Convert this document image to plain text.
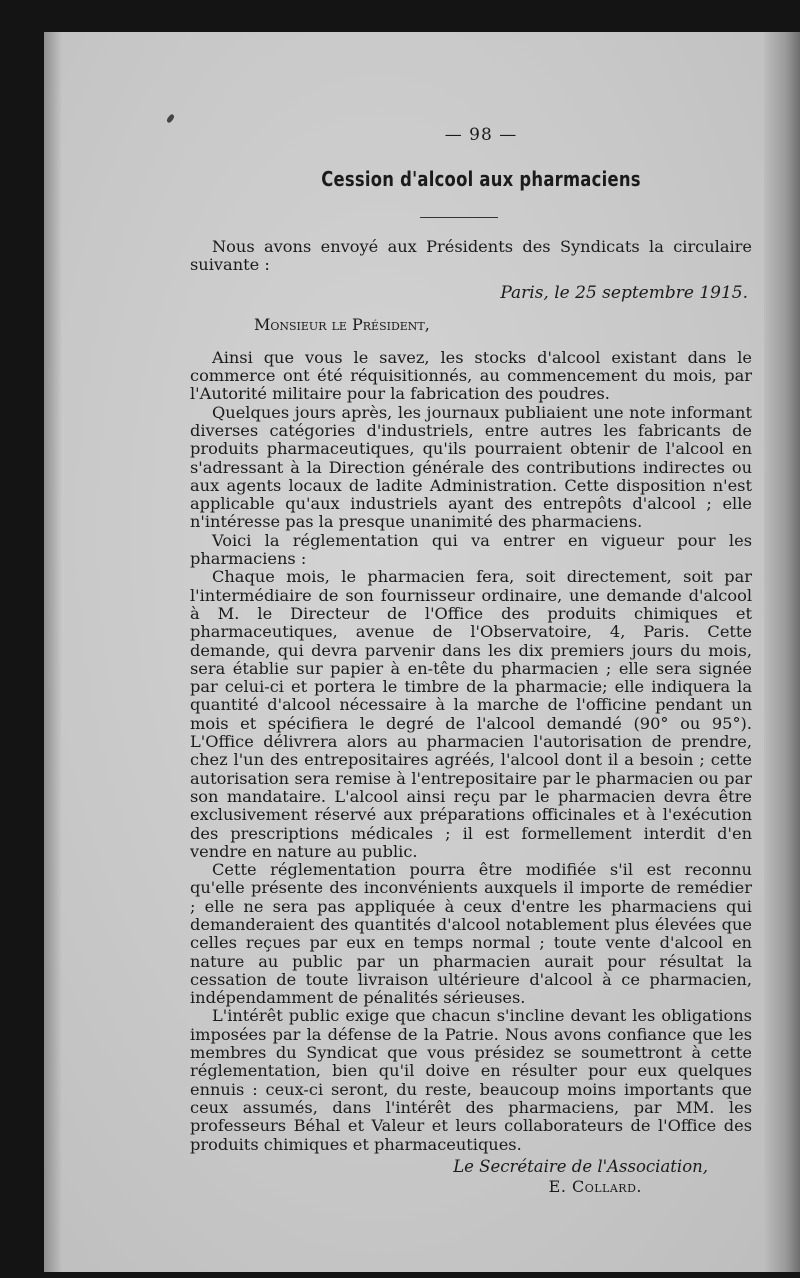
— 98 —
Cession d'alcool aux pharmaciens

Nous avons envoyé aux Présidents des Syndicats la circulaire suivante :

Paris, le 25 septembre 1915.
Monsieur le Président,

Ainsi que vous le savez, les stocks d'alcool existant dans le commerce ont été réquisitionnés, au commencement du mois, par l'Autorité militaire pour la fabrication des poudres.

Quelques jours après, les journaux publiaient une note informant diverses catégories d'industriels, entre autres les fabricants de produits pharmaceutiques, qu'ils pourraient obtenir de l'alcool en s'adressant à la Direction générale des contributions indirectes ou aux agents locaux de ladite Administration. Cette disposition n'est applicable qu'aux industriels ayant des entrepôts d'alcool ; elle n'intéresse pas la presque unanimité des pharmaciens.

Voici la réglementation qui va entrer en vigueur pour les pharmaciens :

Chaque mois, le pharmacien fera, soit directement, soit par l'intermédiaire de son fournisseur ordinaire, une demande d'alcool à M. le Directeur de l'Office des produits chimiques et pharmaceutiques, avenue de l'Observatoire, 4, Paris. Cette demande, qui devra parvenir dans les dix premiers jours du mois, sera établie sur papier à en-tête du pharmacien ; elle sera signée par celui-ci et portera le timbre de la pharmacie; elle indiquera la quantité d'alcool nécessaire à la marche de l'officine pendant un mois et spécifiera le degré de l'alcool demandé (90° ou 95°). L'Office délivrera alors au pharmacien l'autorisation de prendre, chez l'un des entrepositaires agréés, l'alcool dont il a besoin ; cette autorisation sera remise à l'entrepositaire par le pharmacien ou par son mandataire. L'alcool ainsi reçu par le pharmacien devra être exclusivement réservé aux préparations officinales et à l'exécution des prescriptions médicales ; il est formellement interdit d'en vendre en nature au public.

Cette réglementation pourra être modifiée s'il est reconnu qu'elle présente des inconvénients auxquels il importe de remédier ; elle ne sera pas appliquée à ceux d'entre les pharmaciens qui demanderaient des quantités d'alcool notablement plus élevées que celles reçues par eux en temps normal ; toute vente d'alcool en nature au public par un pharmacien aurait pour résultat la cessation de toute livraison ultérieure d'alcool à ce pharmacien, indépendamment de pénalités sérieuses.

L'intérêt public exige que chacun s'incline devant les obligations imposées par la défense de la Patrie. Nous avons confiance que les membres du Syndicat que vous présidez se soumettront à cette réglementation, bien qu'il doive en résulter pour eux quelques ennuis : ceux-ci seront, du reste, beaucoup moins importants que ceux assumés, dans l'intérêt des pharmaciens, par MM. les professeurs Béhal et Valeur et leurs collaborateurs de l'Office des produits chimiques et pharmaceutiques.

Le Secrétaire de l'Association,
E. Collard.
